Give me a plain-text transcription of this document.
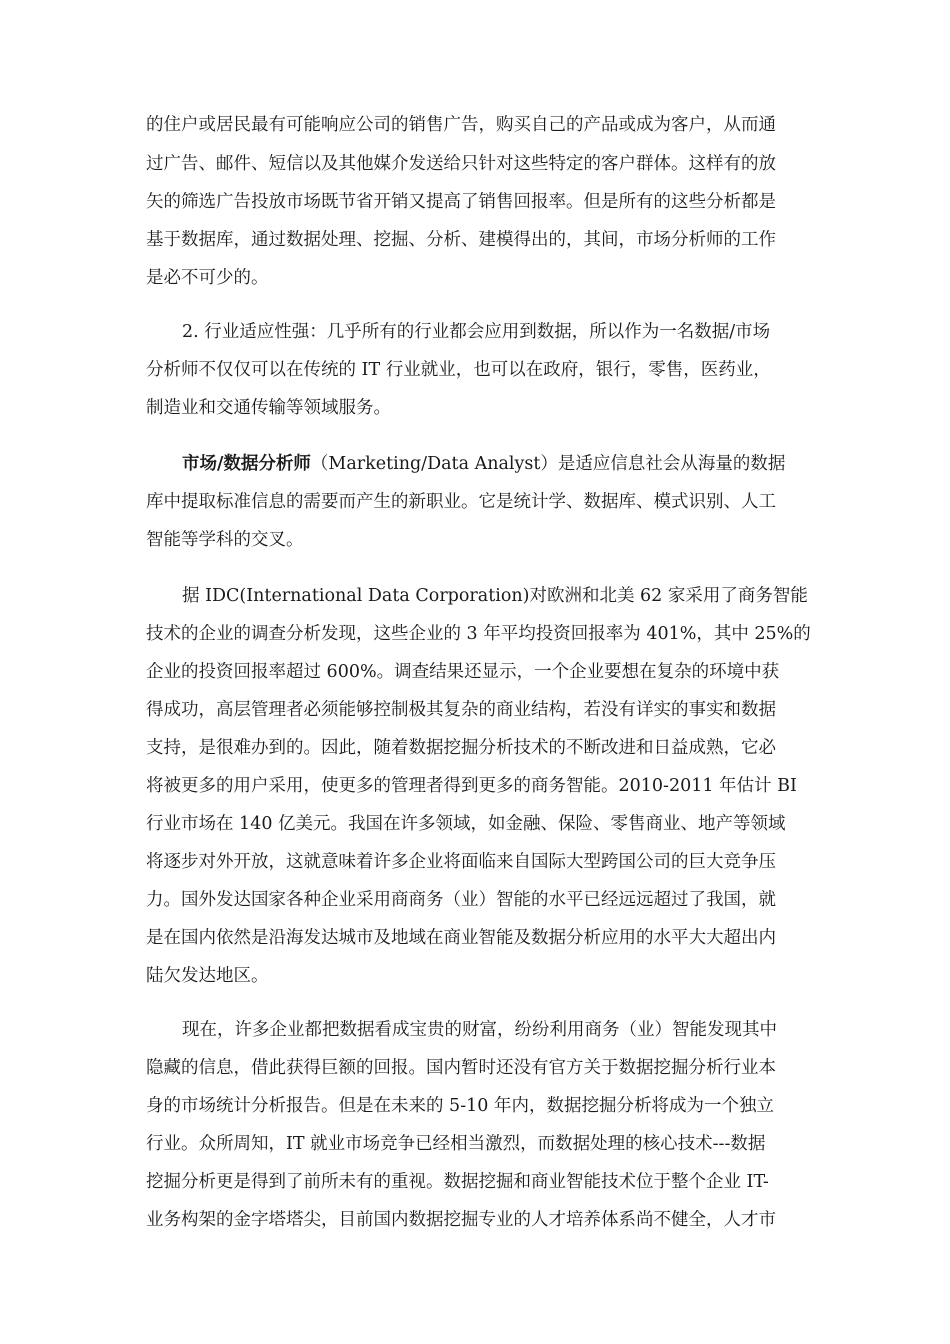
的住户或居民最有可能响应公司的销售广告，购买自己的产品或成为客户，从而通
过广告、邮件、短信以及其他媒介发送给只针对这些特定的客户群体。这样有的放
矢的筛选广告投放市场既节省开销又提高了销售回报率。但是所有的这些分析都是
基于数据库，通过数据处理、挖掘、分析、建模得出的，其间，市场分析师的工作
是必不可少的。
2. 行业适应性强：几乎所有的行业都会应用到数据，所以作为一名数据/市场
分析师不仅仅可以在传统的 IT 行业就业，也可以在政府，银行，零售，医药业，
制造业和交通传输等领域服务。
市场/数据分析师（Marketing/Data Analyst）是适应信息社会从海量的数据
库中提取标准信息的需要而产生的新职业。它是统计学、数据库、模式识别、人工
智能等学科的交叉。
据 IDC(International Data Corporation)对欧洲和北美 62 家采用了商务智能
技术的企业的调查分析发现，这些企业的 3 年平均投资回报率为 401%，其中 25%的
企业的投资回报率超过 600%。调查结果还显示，一个企业要想在复杂的环境中获
得成功，高层管理者必须能够控制极其复杂的商业结构，若没有详实的事实和数据
支持，是很难办到的。因此，随着数据挖掘分析技术的不断改进和日益成熟，它必
将被更多的用户采用，使更多的管理者得到更多的商务智能。2010-2011 年估计 BI
行业市场在 140 亿美元。我国在许多领域，如金融、保险、零售商业、地产等领域
将逐步对外开放，这就意味着许多企业将面临来自国际大型跨国公司的巨大竞争压
力。国外发达国家各种企业采用商商务（业）智能的水平已经远远超过了我国，就
是在国内依然是沿海发达城市及地域在商业智能及数据分析应用的水平大大超出内
陆欠发达地区。
现在，许多企业都把数据看成宝贵的财富，纷纷利用商务（业）智能发现其中
隐藏的信息，借此获得巨额的回报。国内暂时还没有官方关于数据挖掘分析行业本
身的市场统计分析报告。但是在未来的 5-10 年内，数据挖掘分析将成为一个独立
行业。众所周知，IT 就业市场竞争已经相当激烈，而数据处理的核心技术---数据
挖掘分析更是得到了前所未有的重视。数据挖掘和商业智能技术位于整个企业 IT-
业务构架的金字塔塔尖，目前国内数据挖掘专业的人才培养体系尚不健全，人才市
